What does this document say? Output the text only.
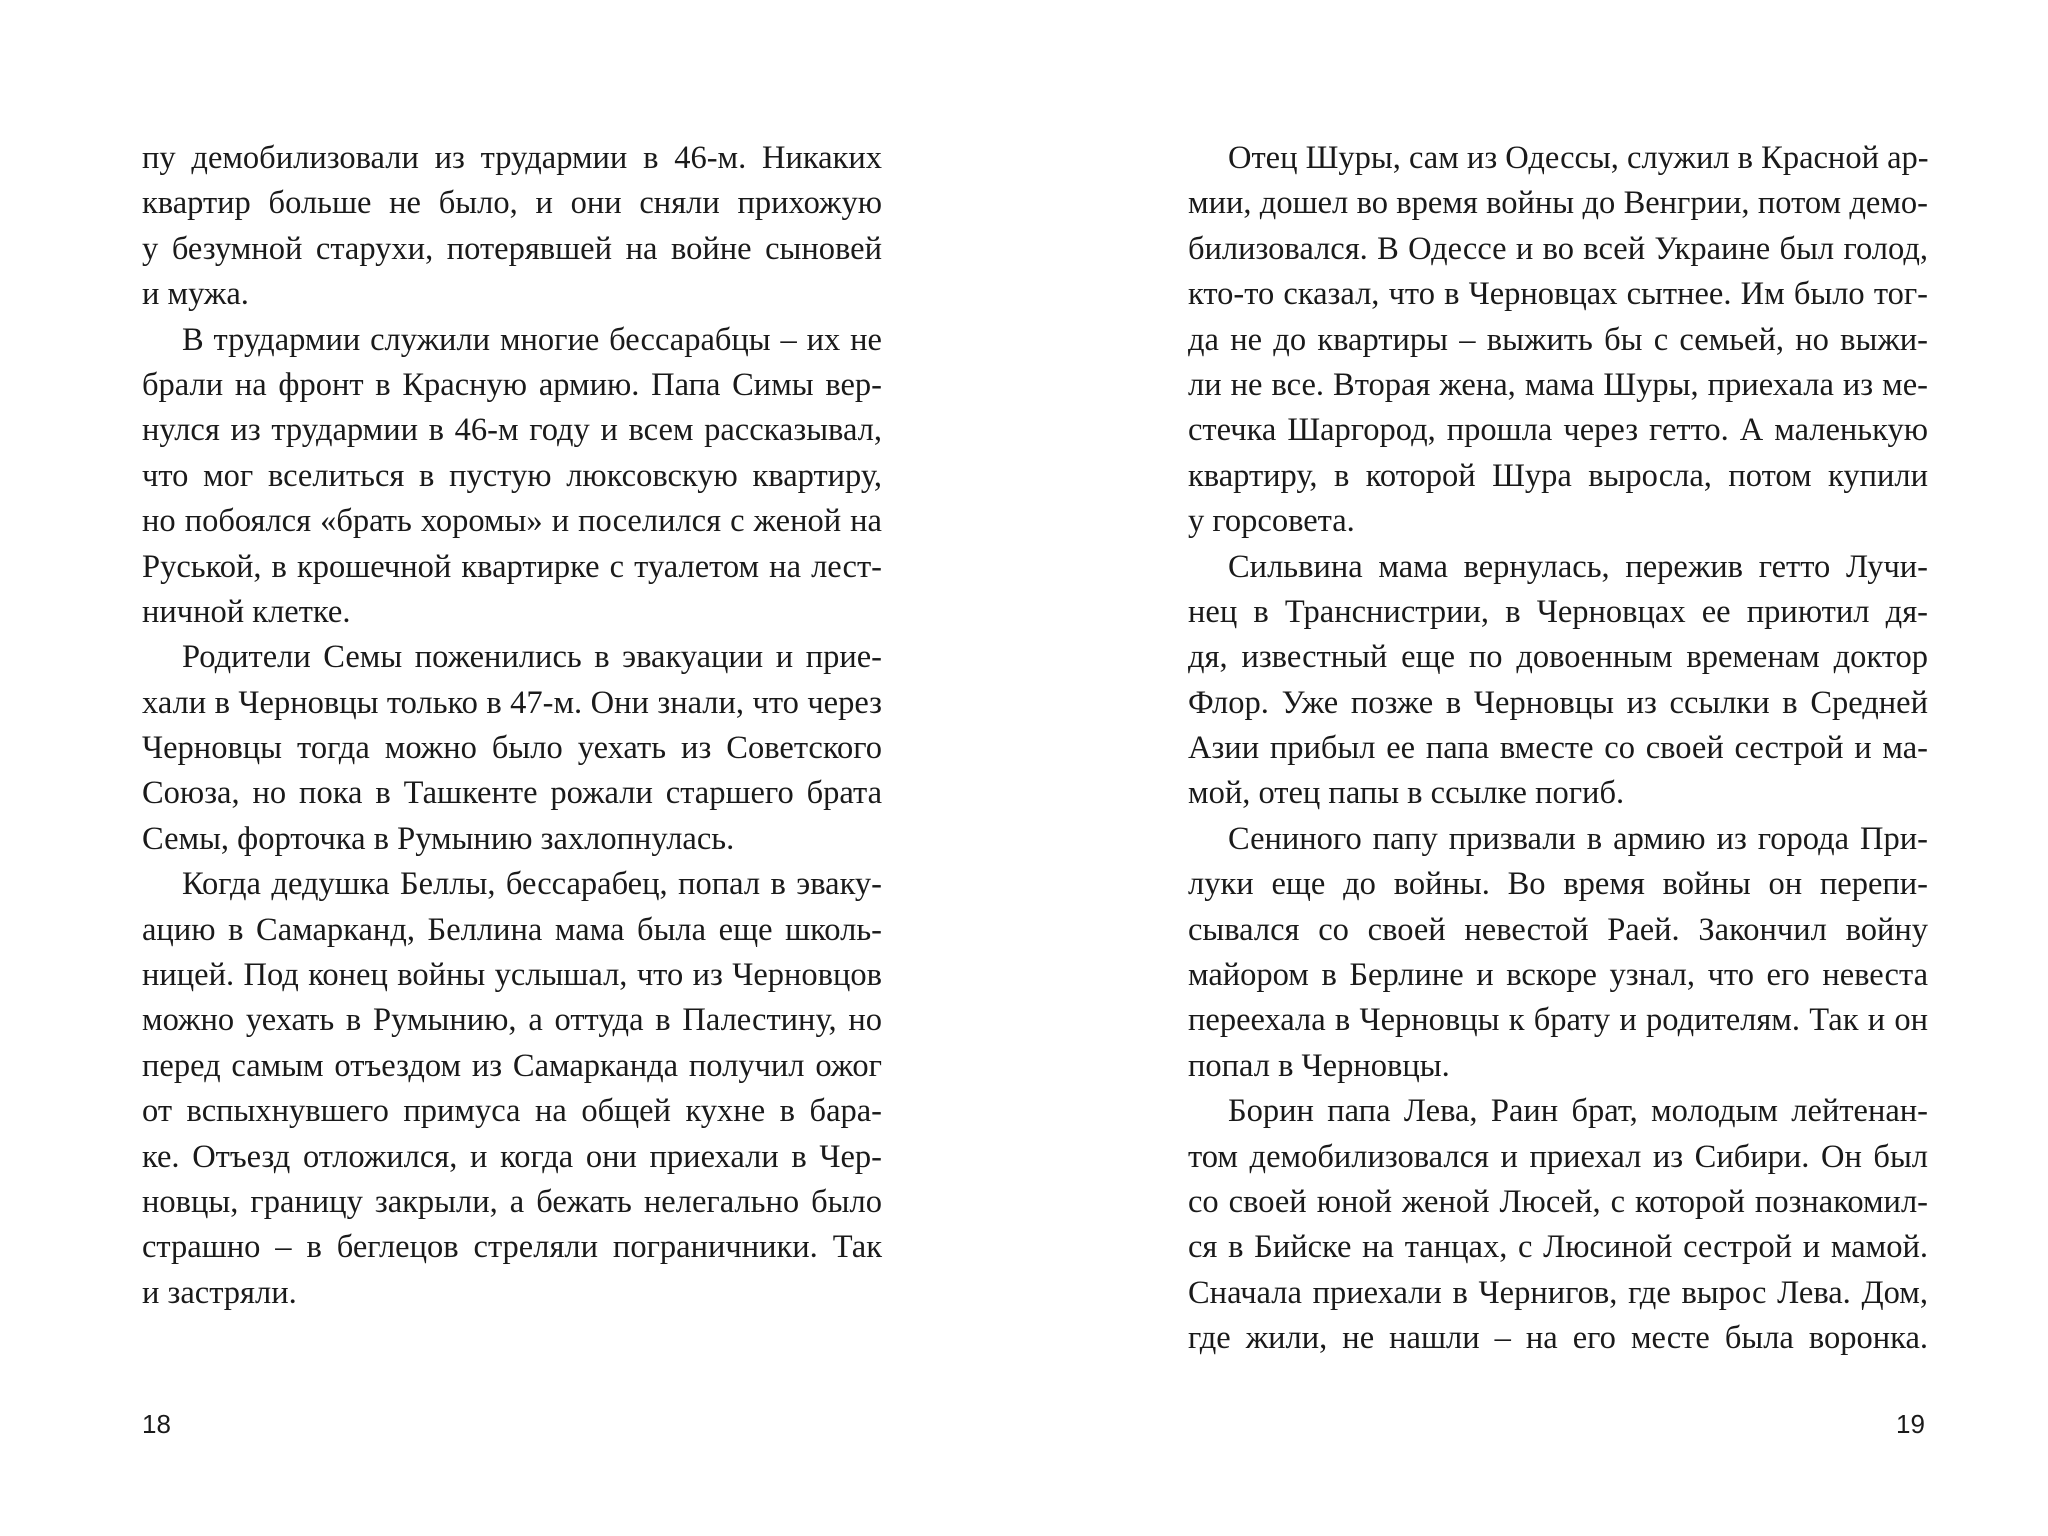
пу демобилизовали из трудармии в 46-м. Никаких
квартир больше не было, и они сняли прихожую
у безумной старухи, потерявшей на войне сыновей
и мужа.
В трудармии служили многие бессарабцы – их не
брали на фронт в Красную армию. Папа Симы вер-
нулся из трудармии в 46-м году и всем рассказывал,
что мог вселиться в пустую люксовскую квартиру,
но побоялся «брать хоромы» и поселился с женой на
Руськой, в крошечной квартирке с туалетом на лест-
ничной клетке.
Родители Семы поженились в эвакуации и прие-
хали в Черновцы только в 47-м. Они знали, что через
Черновцы тогда можно было уехать из Советского
Союза, но пока в Ташкенте рожали старшего брата
Семы, форточка в Румынию захлопнулась.
Когда дедушка Беллы, бессарабец, попал в эваку-
ацию в Самарканд, Беллина мама была еще школь-
ницей. Под конец войны услышал, что из Черновцов
можно уехать в Румынию, а оттуда в Палестину, но
перед самым отъездом из Самарканда получил ожог
от вспыхнувшего примуса на общей кухне в бара-
ке. Отъезд отложился, и когда они приехали в Чер-
новцы, границу закрыли, а бежать нелегально было
страшно – в беглецов стреляли пограничники. Так
и застряли.
18
Отец Шуры, сам из Одессы, служил в Красной ар-
мии, дошел во время войны до Венгрии, потом демо-
билизовался. В Одессе и во всей Украине был голод,
кто-то сказал, что в Черновцах сытнее. Им было тог-
да не до квартиры – выжить бы с семьей, но выжи-
ли не все. Вторая жена, мама Шуры, приехала из ме-
стечка Шаргород, прошла через гетто. А маленькую
квартиру, в которой Шура выросла, потом купили
у горсовета.
Сильвина мама вернулась, пережив гетто Лучи-
нец в Транснистрии, в Черновцах ее приютил дя-
дя, известный еще по довоенным временам доктор
Флор. Уже позже в Черновцы из ссылки в Средней
Азии прибыл ее папа вместе со своей сестрой и ма-
мой, отец папы в ссылке погиб.
Сениного папу призвали в армию из города При-
луки еще до войны. Во время войны он перепи-
сывался со своей невестой Раей. Закончил войну
майором в Берлине и вскоре узнал, что его невеста
переехала в Черновцы к брату и родителям. Так и он
попал в Черновцы.
Борин папа Лева, Раин брат, молодым лейтенан-
том демобилизовался и приехал из Сибири. Он был
со своей юной женой Люсей, с которой познакомил-
ся в Бийске на танцах, с Люсиной сестрой и мамой.
Сначала приехали в Чернигов, где вырос Лева. Дом,
где жили, не нашли – на его месте была воронка.
19
